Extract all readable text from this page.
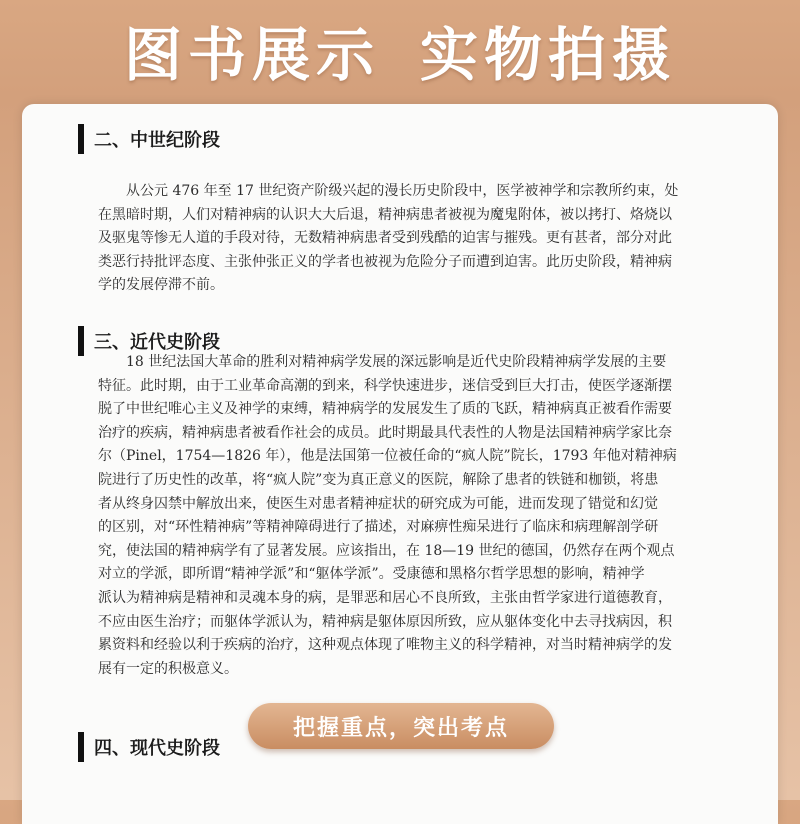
图书展示 实物拍摄
二、中世纪阶段
从公元 476 年至 17 世纪资产阶级兴起的漫长历史阶段中，医学被神学和宗教所约束，处
在黑暗时期，人们对精神病的认识大大后退，精神病患者被视为魔鬼附体，被以拷打、烙烧以
及驱鬼等惨无人道的手段对待，无数精神病患者受到残酷的迫害与摧残。更有甚者，部分对此
类恶行持批评态度、主张仲张正义的学者也被视为危险分子而遭到迫害。此历史阶段，精神病
学的发展停滞不前。
三、近代史阶段
18 世纪法国大革命的胜利对精神病学发展的深远影响是近代史阶段精神病学发展的主要
特征。此时期，由于工业革命高潮的到来，科学快速进步，迷信受到巨大打击，使医学逐渐摆
脱了中世纪唯心主义及神学的束缚，精神病学的发展发生了质的飞跃，精神病真正被看作需要
治疗的疾病，精神病患者被看作社会的成员。此时期最具代表性的人物是法国精神病学家比奈
尔（Pinel，1754—1826 年），他是法国第一位被任命的“疯人院”院长，1793 年他对精神病
院进行了历史性的改革，将“疯人院”变为真正意义的医院，解除了患者的铁链和枷锁，将患
者从终身囚禁中解放出来，使医生对患者精神症状的研究成为可能，进而发现了错觉和幻觉
的区别，对“环性精神病”等精神障碍进行了描述，对麻痹性痴呆进行了临床和病理解剖学研
究，使法国的精神病学有了显著发展。应该指出，在 18—19 世纪的德国，仍然存在两个观点
对立的学派，即所谓“精神学派”和“躯体学派”。受康德和黑格尔哲学思想的影响，精神学
派认为精神病是精神和灵魂本身的病，是罪恶和居心不良所致，主张由哲学家进行道德教育，
不应由医生治疗；而躯体学派认为，精神病是躯体原因所致，应从躯体变化中去寻找病因，积
累资料和经验以利于疾病的治疗，这种观点体现了唯物主义的科学精神，对当时精神病学的发
展有一定的积极意义。
四、现代史阶段
把握重点，突出考点
